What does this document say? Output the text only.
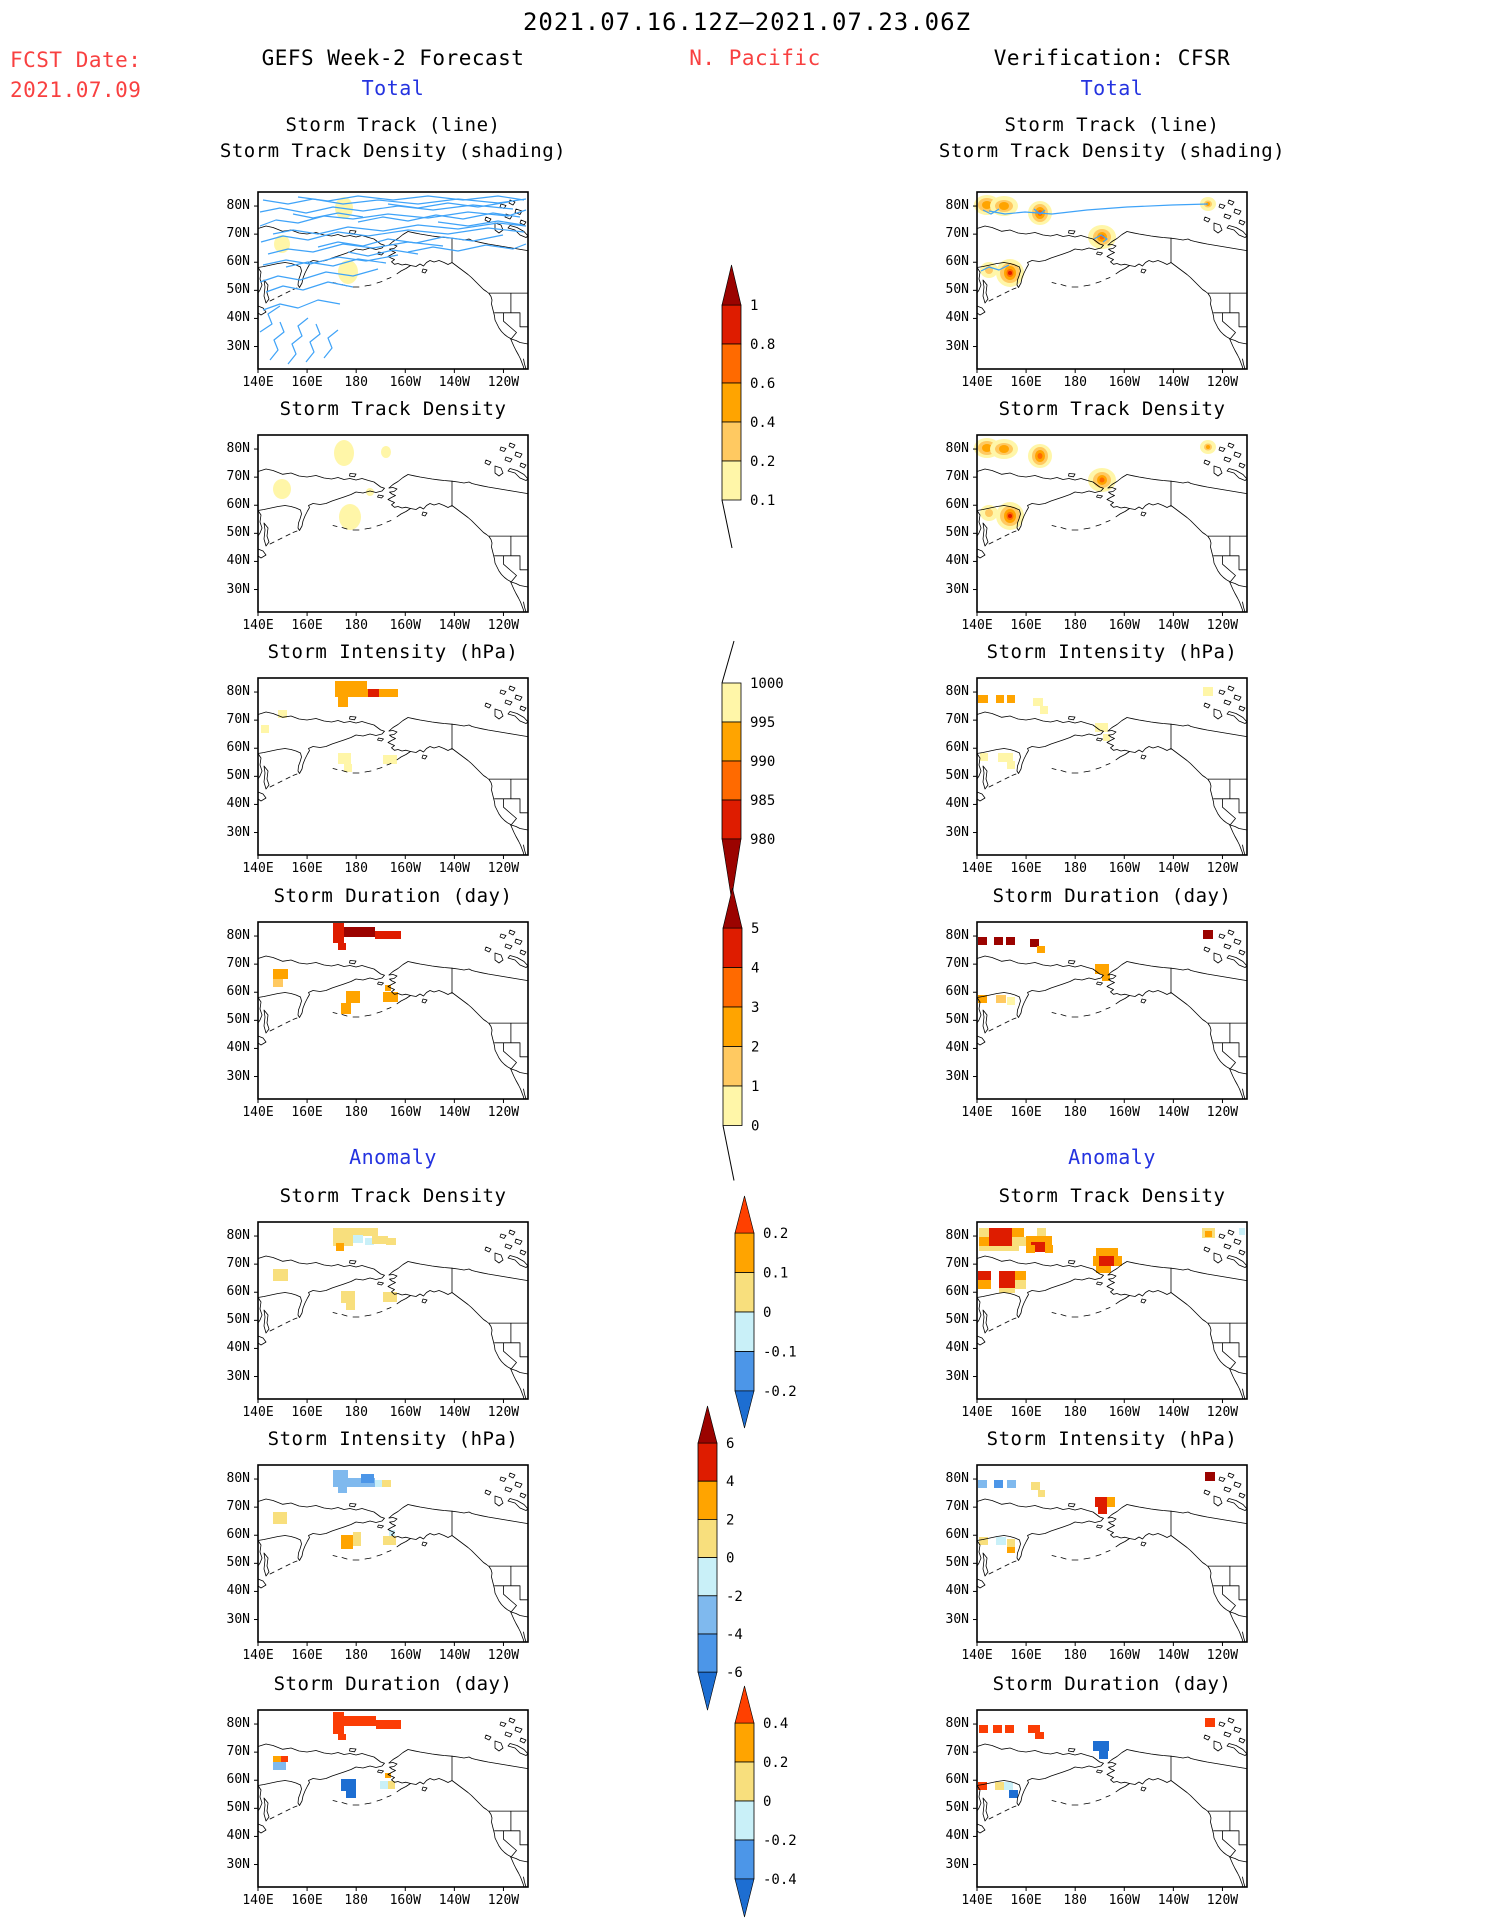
FCST Date:
2021.07.09
2021.07.16.12Z–2021.07.23.06Z
GEFS Week-2 Forecast	N. Pacific	Verification: CFSR
Total	Total
Anomaly	Anomaly
Storm Track (line)
Storm Track Density (shading)
80N
70N
60N
50N
40N
30N
140E	160E	180	160W	140W	120W
Storm Track (line)
Storm Track Density (shading)
80N
70N
60N
50N
40N
30N
140E	160E	180	160W	140W	120W
Storm Track Density
80N
70N
60N
50N
40N
30N
140E	160E	180	160W	140W	120W
Storm Track Density
80N
70N
60N
50N
40N
30N
140E	160E	180	160W	140W	120W
Storm Intensity (hPa)
80N
70N
60N
50N
40N
30N
140E	160E	180	160W	140W	120W
Storm Intensity (hPa)
80N
70N
60N
50N
40N
30N
140E	160E	180	160W	140W	120W
Storm Duration (day)
80N
70N
60N
50N
40N
30N
140E	160E	180	160W	140W	120W
Storm Duration (day)
80N
70N
60N
50N
40N
30N
140E	160E	180	160W	140W	120W
Storm Track Density
80N
70N
60N
50N
40N
30N
140E	160E	180	160W	140W	120W
Storm Track Density
80N
70N
60N
50N
40N
30N
140E	160E	180	160W	140W	120W
Storm Intensity (hPa)
80N
70N
60N
50N
40N
30N
140E	160E	180	160W	140W	120W
Storm Intensity (hPa)
80N
70N
60N
50N
40N
30N
140E	160E	180	160W	140W	120W
Storm Duration (day)
80N
70N
60N
50N
40N
30N
140E	160E	180	160W	140W	120W
Storm Duration (day)
80N
70N
60N
50N
40N
30N
140E	160E	180	160W	140W	120W
1
0.8
0.6
0.4
0.2
0.1
1000
995
990
985
980
5
4
3
2
1
0
0.2
0.1
0
-0.1
-0.2
6
4
2
0
-2
-4
-6
0.4
0.2
0
-0.2
-0.4
